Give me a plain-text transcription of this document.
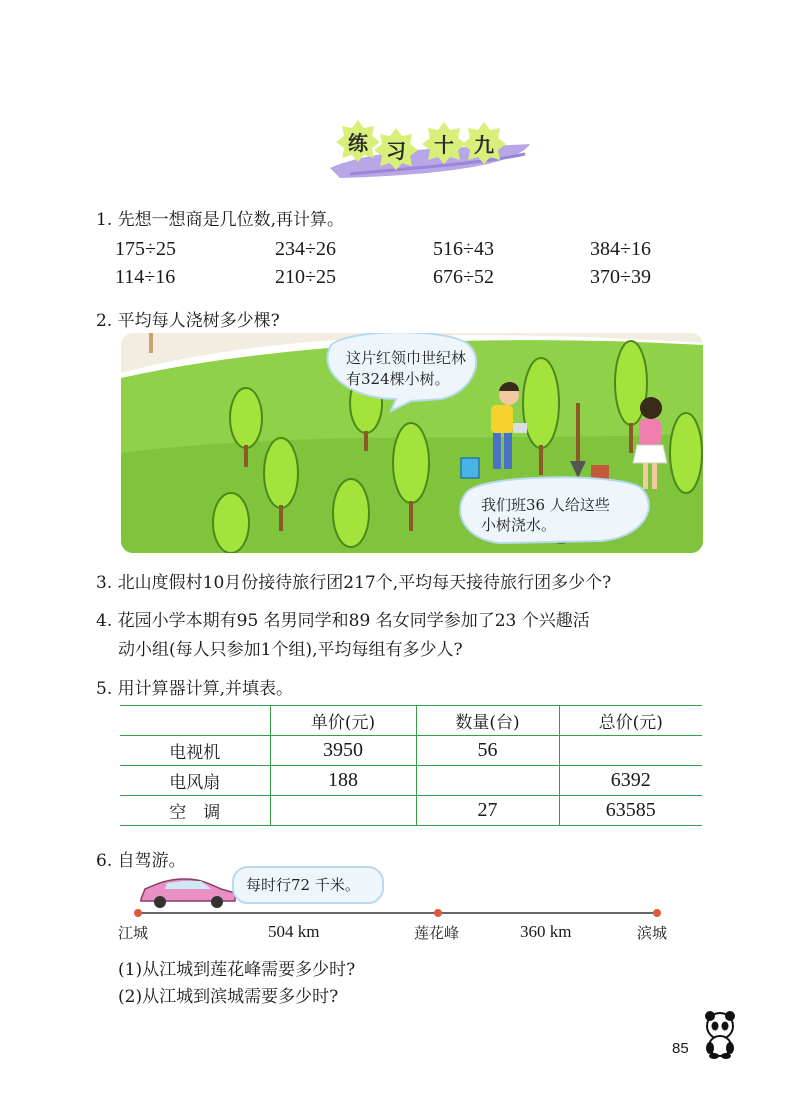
练 习 十 九
1. 先想一想商是几位数,再计算。
175÷25	234÷26	516÷43	384÷16
114÷16	210÷25	676÷52	370÷39
2. 平均每人浇树多少棵?
这片红领巾世纪林
有324棵小树。
我们班36 人给这些
小树浇水。
3. 北山度假村10月份接待旅行团217个,平均每天接待旅行团多少个?
4. 花园小学本期有95 名男同学和89 名女同学参加了23 个兴趣活
动小组(每人只参加1个组),平均每组有多少人?
5. 用计算器计算,并填表。
	单价(元)	数量(台)	总价(元)
电视机	3950	56	
电风扇	188		6392
空　调		27	63585
6. 自驾游。
每时行72 千米。
江城	504 km	莲花峰	360 km	滨城
(1)从江城到莲花峰需要多少时?
(2)从江城到滨城需要多少时?
85
